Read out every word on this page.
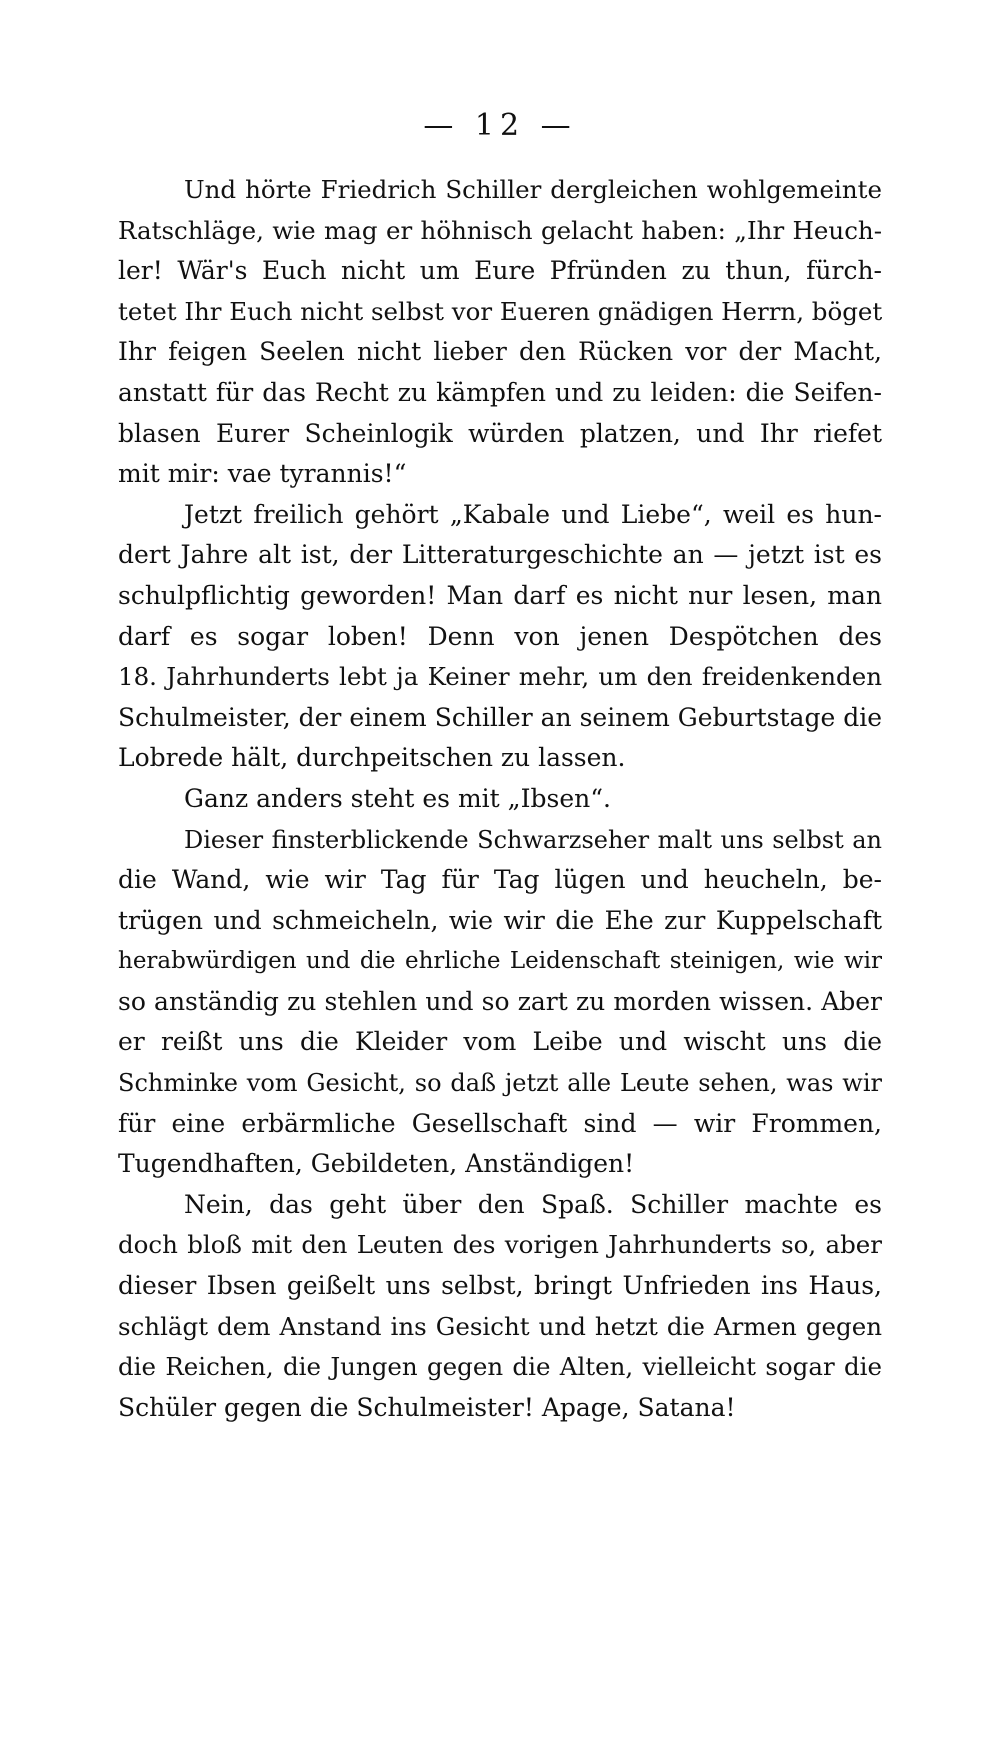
— 12 —
Und hörte Friedrich Schiller dergleichen wohlgemeinte
Ratschläge, wie mag er höhnisch gelacht haben: „Ihr Heuch-
ler! Wär's Euch nicht um Eure Pfründen zu thun, fürch-
tetet Ihr Euch nicht selbst vor Eueren gnädigen Herrn, böget
Ihr feigen Seelen nicht lieber den Rücken vor der Macht,
anstatt für das Recht zu kämpfen und zu leiden: die Seifen-
blasen Eurer Scheinlogik würden platzen, und Ihr riefet
mit mir: vae tyrannis!“
Jetzt freilich gehört „Kabale und Liebe“, weil es hun-
dert Jahre alt ist, der Litteraturgeschichte an — jetzt ist es
schulpflichtig geworden! Man darf es nicht nur lesen, man
darf es sogar loben! Denn von jenen Despötchen des
18. Jahrhunderts lebt ja Keiner mehr, um den freidenkenden
Schulmeister, der einem Schiller an seinem Geburtstage die
Lobrede hält, durchpeitschen zu lassen.
Ganz anders steht es mit „Ibsen“.
Dieser finsterblickende Schwarzseher malt uns selbst an
die Wand, wie wir Tag für Tag lügen und heucheln, be-
trügen und schmeicheln, wie wir die Ehe zur Kuppelschaft
herabwürdigen und die ehrliche Leidenschaft steinigen, wie wir
so anständig zu stehlen und so zart zu morden wissen. Aber
er reißt uns die Kleider vom Leibe und wischt uns die
Schminke vom Gesicht, so daß jetzt alle Leute sehen, was wir
für eine erbärmliche Gesellschaft sind — wir Frommen,
Tugendhaften, Gebildeten, Anständigen!
Nein, das geht über den Spaß. Schiller machte es
doch bloß mit den Leuten des vorigen Jahrhunderts so, aber
dieser Ibsen geißelt uns selbst, bringt Unfrieden ins Haus,
schlägt dem Anstand ins Gesicht und hetzt die Armen gegen
die Reichen, die Jungen gegen die Alten, vielleicht sogar die
Schüler gegen die Schulmeister! Apage, Satana!
